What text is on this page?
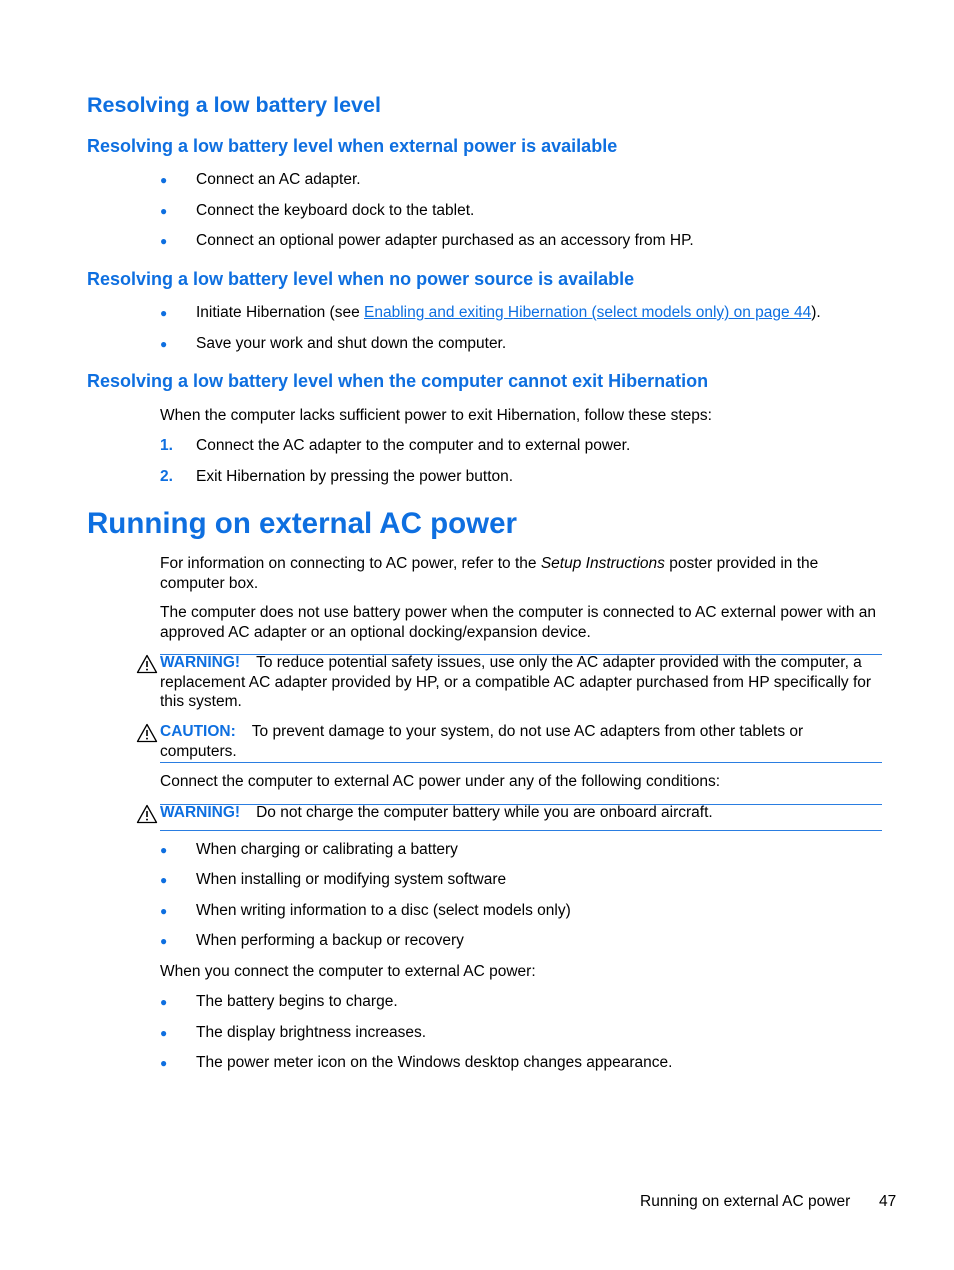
Resolving a low battery level
Resolving a low battery level when external power is available
● Connect an AC adapter.
● Connect the keyboard dock to the tablet.
● Connect an optional power adapter purchased as an accessory from HP.
Resolving a low battery level when no power source is available
● Initiate Hibernation (see Enabling and exiting Hibernation (select models only) on page 44).
● Save your work and shut down the computer.
Resolving a low battery level when the computer cannot exit Hibernation
When the computer lacks sufficient power to exit Hibernation, follow these steps:
1. Connect the AC adapter to the computer and to external power.
2. Exit Hibernation by pressing the power button.
Running on external AC power
For information on connecting to AC power, refer to the Setup Instructions poster provided in the computer box.
The computer does not use battery power when the computer is connected to AC external power with an approved AC adapter or an optional docking/expansion device.
WARNING! To reduce potential safety issues, use only the AC adapter provided with the computer, a replacement AC adapter provided by HP, or a compatible AC adapter purchased from HP specifically for this system.
CAUTION: To prevent damage to your system, do not use AC adapters from other tablets or computers.
Connect the computer to external AC power under any of the following conditions:
WARNING! Do not charge the computer battery while you are onboard aircraft.
● When charging or calibrating a battery
● When installing or modifying system software
● When writing information to a disc (select models only)
● When performing a backup or recovery
When you connect the computer to external AC power:
● The battery begins to charge.
● The display brightness increases.
● The power meter icon on the Windows desktop changes appearance.
Running on external AC power 47
